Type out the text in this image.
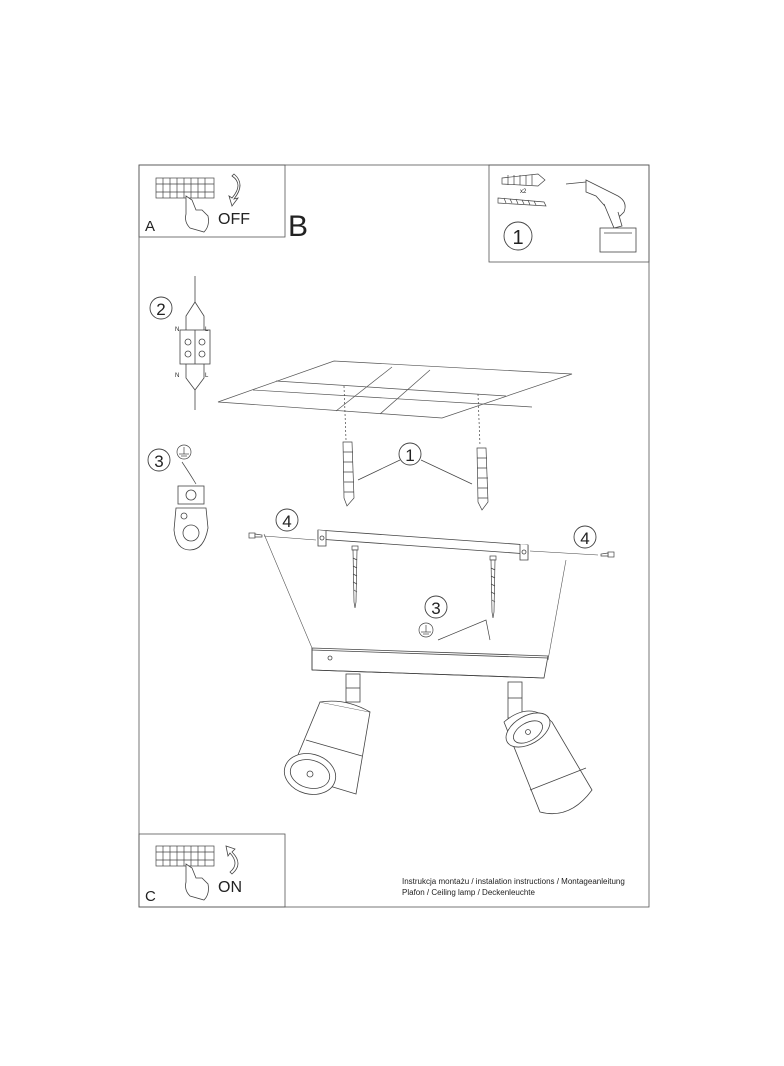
OFF
A	B
x2
1
2
N	L
N	L
3	1
4
4
3
ON
C
Instrukcja montażu / instalation instructions / Montageanleitung
Plafon / Ceiling lamp / Deckenleuchte
